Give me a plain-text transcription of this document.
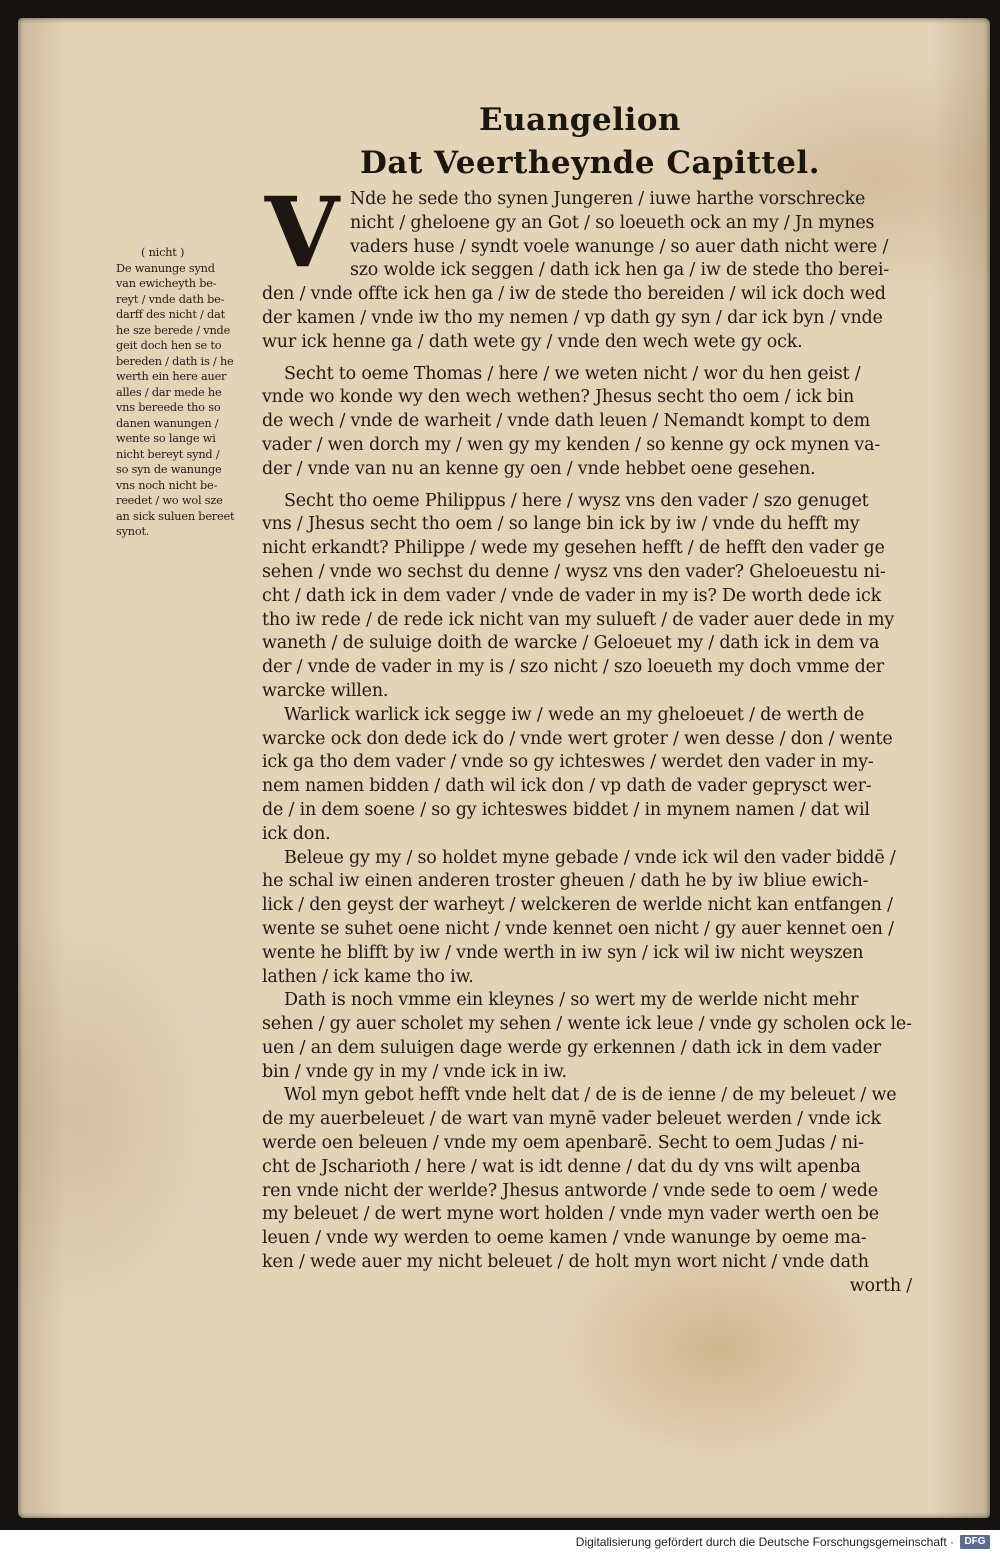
Euangelion
Dat Veertheynde Capittel.
V
( nicht )
De wanunge synd
van ewicheyth be-
reyt / vnde dath be-
darff des nicht / dat
he sze berede / vnde
geit doch hen se to
bereden / dath is / he
werth ein here auer
alles / dar mede he
vns bereede tho so
danen wanungen /
wente so lange wi
nicht bereyt synd /
so syn de wanunge
vns noch nicht be-
reedet / wo wol sze
an sick suluen bereet
synot.
Nde he sede tho synen Jungeren / iuwe harthe vorschrecke
nicht / gheloene gy an Got / so loeueth ock an my / Jn mynes
vaders huse / syndt voele wanunge / so auer dath nicht were /
szo wolde ick seggen / dath ick hen ga / iw de stede tho berei-
den / vnde offte ick hen ga / iw de stede tho bereiden / wil ick doch wed
der kamen / vnde iw tho my nemen / vp dath gy syn / dar ick byn / vnde
wur ick henne ga / dath wete gy / vnde den wech wete gy ock.
Secht to oeme Thomas / here / we weten nicht / wor du hen geist /
vnde wo konde wy den wech wethen? Jhesus secht tho oem / ick bin
de wech / vnde de warheit / vnde dath leuen / Nemandt kompt to dem
vader / wen dorch my / wen gy my kenden / so kenne gy ock mynen va-
der / vnde van nu an kenne gy oen / vnde hebbet oene gesehen.
Secht tho oeme Philippus / here / wysz vns den vader / szo genuget
vns / Jhesus secht tho oem / so lange bin ick by iw / vnde du hefft my
nicht erkandt? Philippe / wede my gesehen hefft / de hefft den vader ge
sehen / vnde wo sechst du denne / wysz vns den vader? Gheloeuestu ni-
cht / dath ick in dem vader / vnde de vader in my is? De worth dede ick
tho iw rede / de rede ick nicht van my sulueft / de vader auer dede in my
waneth / de suluige doith de warcke / Geloeuet my / dath ick in dem va
der / vnde de vader in my is / szo nicht / szo loeueth my doch vmme der
warcke willen.
Warlick warlick ick segge iw / wede an my gheloeuet / de werth de
warcke ock don dede ick do / vnde wert groter / wen desse / don / wente
ick ga tho dem vader / vnde so gy ichteswes / werdet den vader in my-
nem namen bidden / dath wil ick don / vp dath de vader geprysct wer-
de / in dem soene / so gy ichteswes biddet / in mynem namen / dat wil
ick don.
Beleue gy my / so holdet myne gebade / vnde ick wil den vader biddē /
he schal iw einen anderen troster gheuen / dath he by iw bliue ewich-
lick / den geyst der warheyt / welckeren de werlde nicht kan entfangen /
wente se suhet oene nicht / vnde kennet oen nicht / gy auer kennet oen /
wente he blifft by iw / vnde werth in iw syn / ick wil iw nicht weyszen
lathen / ick kame tho iw.
Dath is noch vmme ein kleynes / so wert my de werlde nicht mehr
sehen / gy auer scholet my sehen / wente ick leue / vnde gy scholen ock le-
uen / an dem suluigen dage werde gy erkennen / dath ick in dem vader
bin / vnde gy in my / vnde ick in iw.
Wol myn gebot hefft vnde helt dat / de is de ienne / de my beleuet / we
de my auerbeleuet / de wart van mynē vader beleuet werden / vnde ick
werde oen beleuen / vnde my oem apenbarē. Secht to oem Judas / ni-
cht de Jscharioth / here / wat is idt denne / dat du dy vns wilt apenba
ren vnde nicht der werlde? Jhesus antwordе / vnde sede to oem / wede
my beleuet / de wert myne wort holden / vnde myn vader werth oen be
leuen / vnde wy werden to oeme kamen / vnde wanunge by oeme ma-
ken / wede auer my nicht beleuet / de holt myn wort nicht / vnde dath
worth /
Digitalisierung gefördert durch die Deutsche Forschungsgemeinschaft ·	DFG
